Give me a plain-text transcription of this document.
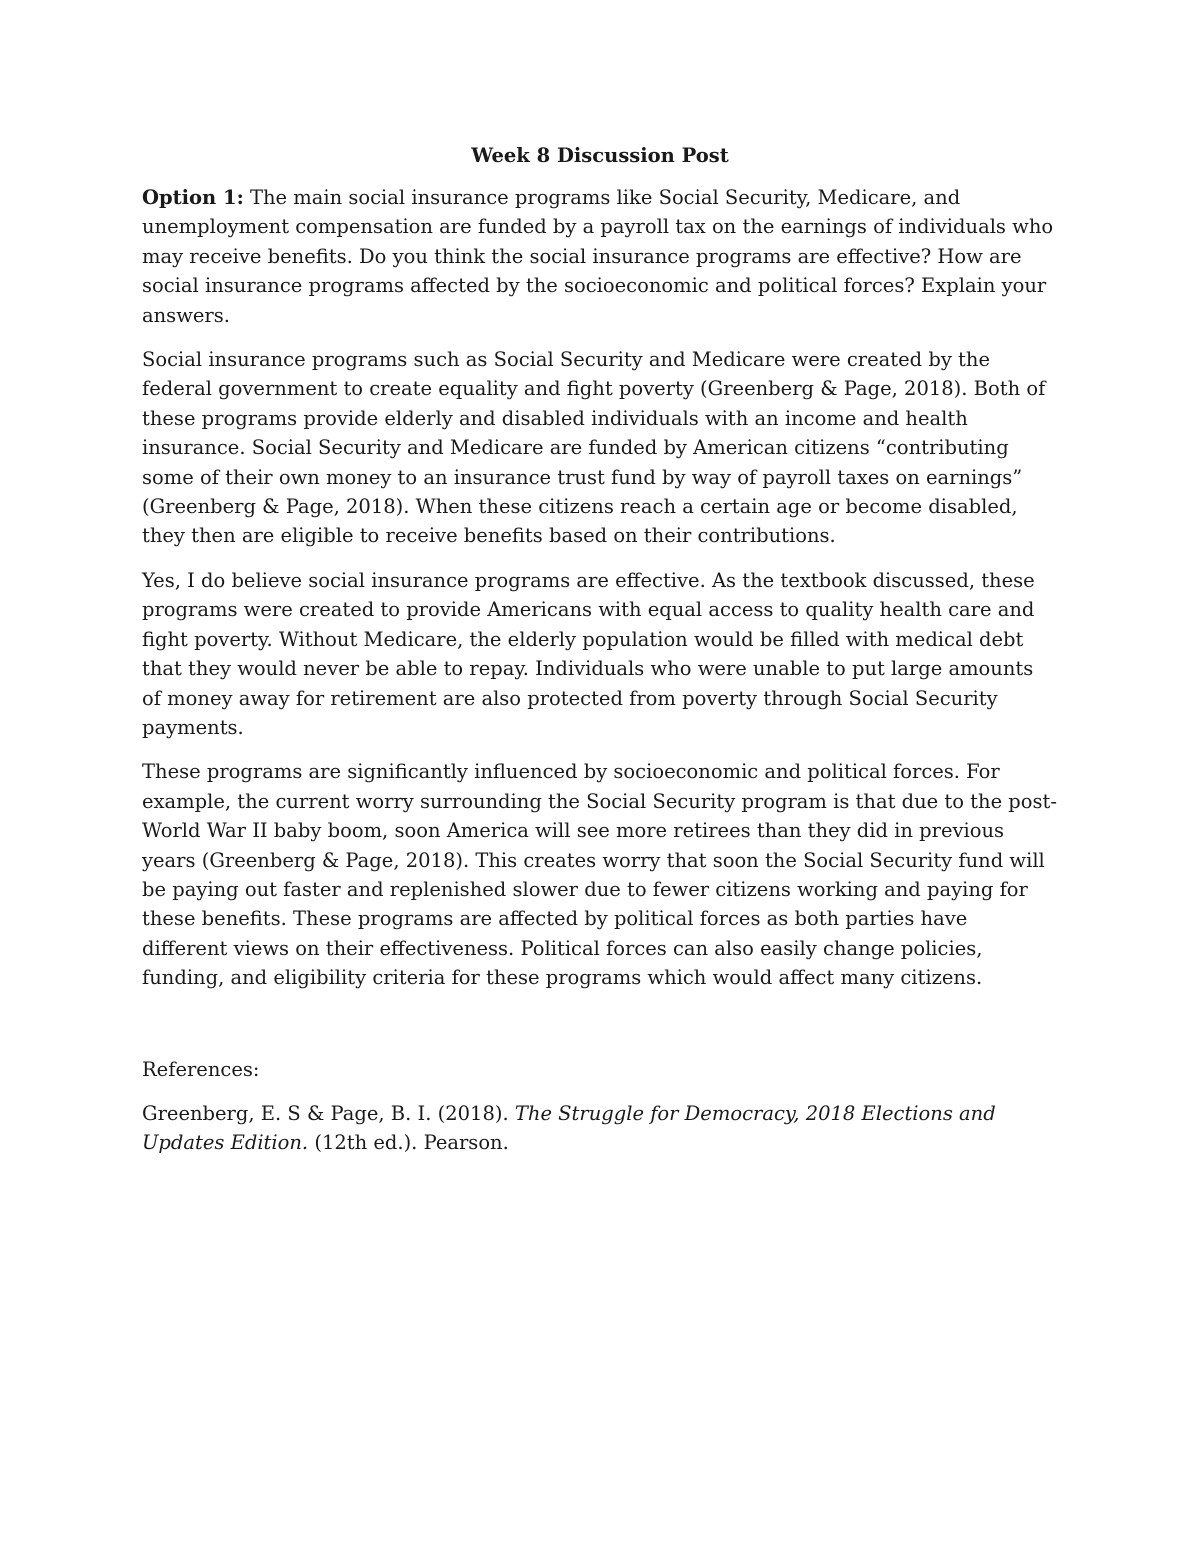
Week 8 Discussion Post

Option 1: The main social insurance programs like Social Security, Medicare, and unemployment compensation are funded by a payroll tax on the earnings of individuals who may receive benefits. Do you think the social insurance programs are effective? How are social insurance programs affected by the socioeconomic and political forces? Explain your answers.

Social insurance programs such as Social Security and Medicare were created by the federal government to create equality and fight poverty (Greenberg & Page, 2018). Both of these programs provide elderly and disabled individuals with an income and health insurance. Social Security and Medicare are funded by American citizens “contributing some of their own money to an insurance trust fund by way of payroll taxes on earnings” (Greenberg & Page, 2018). When these citizens reach a certain age or become disabled, they then are eligible to receive benefits based on their contributions.

Yes, I do believe social insurance programs are effective. As the textbook discussed, these programs were created to provide Americans with equal access to quality health care and fight poverty. Without Medicare, the elderly population would be filled with medical debt that they would never be able to repay. Individuals who were unable to put large amounts of money away for retirement are also protected from poverty through Social Security payments.

These programs are significantly influenced by socioeconomic and political forces. For example, the current worry surrounding the Social Security program is that due to the post-World War II baby boom, soon America will see more retirees than they did in previous years (Greenberg & Page, 2018). This creates worry that soon the Social Security fund will be paying out faster and replenished slower due to fewer citizens working and paying for these benefits. These programs are affected by political forces as both parties have different views on their effectiveness. Political forces can also easily change policies, funding, and eligibility criteria for these programs which would affect many citizens.

References:

Greenberg, E. S & Page, B. I. (2018). The Struggle for Democracy, 2018 Elections and Updates Edition. (12th ed.). Pearson.
